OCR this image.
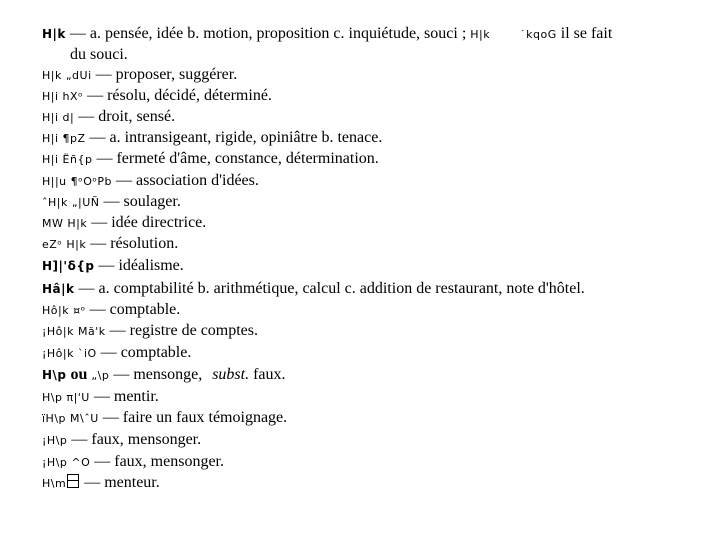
H|k — a. pensée, idée b. motion, proposition c. inquiétude, souci ; H|k	˙kqoG il se fait
du souci.
H|k „dUi — proposer, suggérer.
H|i hXᵒ — résolu, décidé, déterminé.
H|i d| — droit, sensé.
H|i ¶pZ — a. intransigeant, rigide, opiniâtre b. tenace.
H|i Ëñ{p — fermeté d'âme, constance, détermination.
H||u ¶ᵒOᵒPb — association d'idées.
ˆH|k „|UÑ — soulager.
MW H|k — idée directrice.
eZᵒ H|k — résolution.
H]|'δ{p — idéalisme.
Hâ|k — a. comptabilité b. arithmétique, calcul c. addition de restaurant, note d'hôtel.
Hô|k ¤ᵒ — comptable.
¡Hô|k Mă'k — registre de comptes.
¡Hô|k `iO — comptable.
H\p ou „\p — mensonge, subst. faux.
H\p π|'U — mentir.
ïH\p M\ˆU — faire un faux témoignage.
¡H\p — faux, mensonger.
¡H\p ^O — faux, mensonger.
H\m — menteur.
